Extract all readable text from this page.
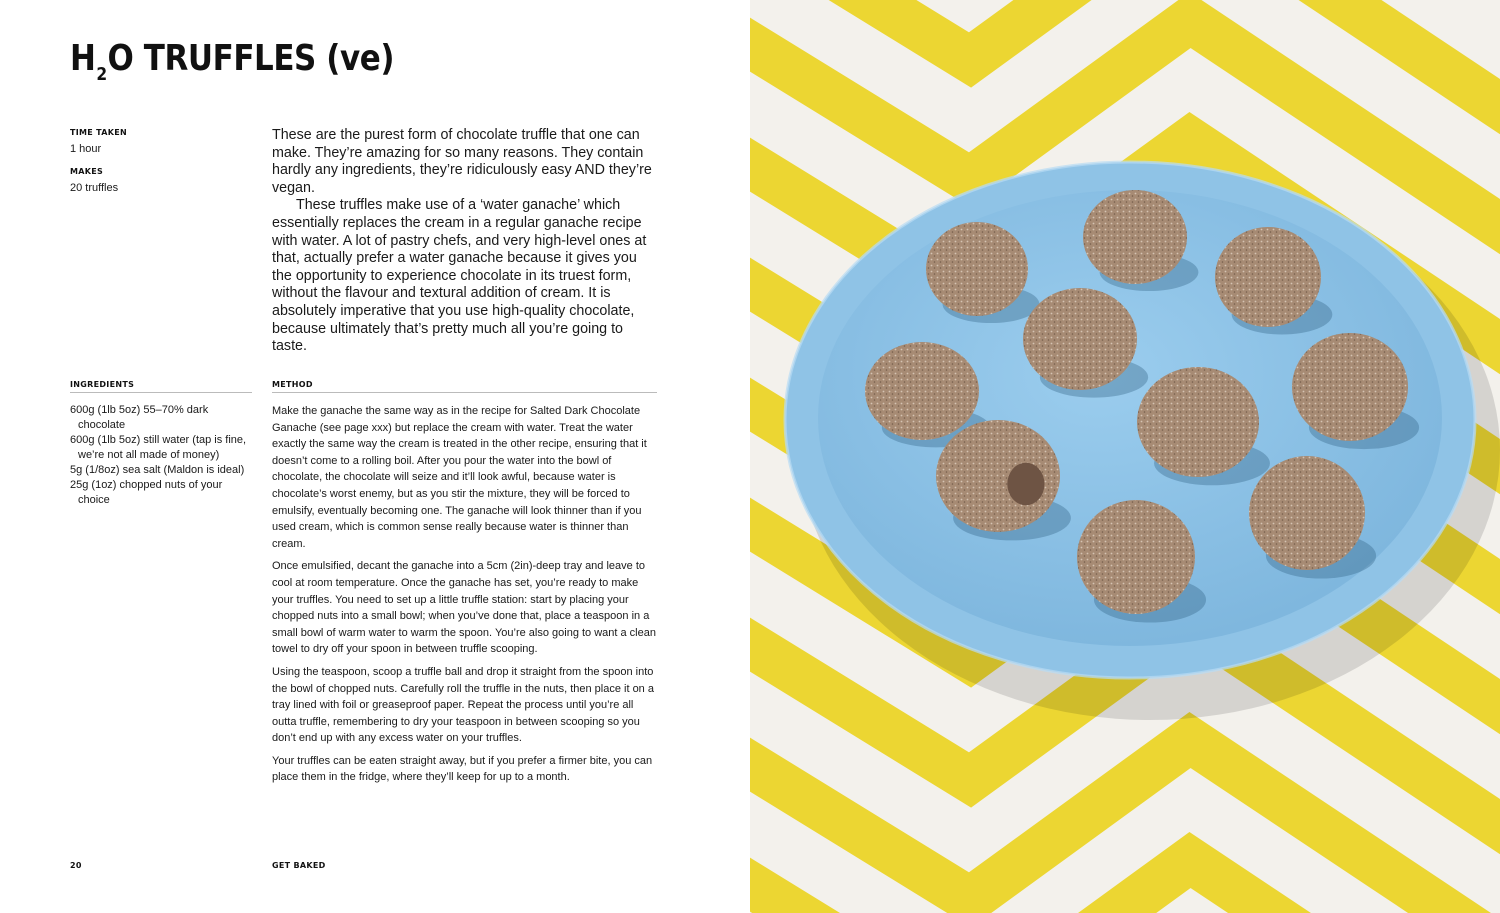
$H_2O$ TRUFFLES (ve)
TIME TAKEN
1 hour
MAKES
20 truffles

These are the purest form of chocolate truffle that one can make. They’re amazing for so many reasons. They contain hardly any ingredients, they’re ridiculously easy AND they’re vegan.

These truffles make use of a ‘water ganache’ which essentially replaces the cream in a regular ganache recipe with water. A lot of pastry chefs, and very high-level ones at that, actually prefer a water ganache because it gives you the opportunity to experience chocolate in its truest form, without the flavour and textural addition of cream. It is absolutely imperative that you use high-quality chocolate, because ultimately that’s pretty much all you’re going to taste.

INGREDIENTS
600g (1lb 5oz) 55–70% dark chocolate
600g (1lb 5oz) still water (tap is fine, we’re not all made of money)
5g (1/8oz) sea salt (Maldon is ideal)
25g (1oz) chopped nuts of your choice
METHOD

Make the ganache the same way as in the recipe for Salted Dark Chocolate Ganache (see page xxx) but replace the cream with water. Treat the water exactly the same way the cream is treated in the other recipe, ensuring that it doesn’t come to a rolling boil. After you pour the water into the bowl of chocolate, the chocolate will seize and it’ll look awful, because water is chocolate’s worst enemy, but as you stir the mixture, they will be forced to emulsify, eventually becoming one. The ganache will look thinner than if you used cream, which is common sense really because water is thinner than cream.

Once emulsified, decant the ganache into a 5cm (2in)-deep tray and leave to cool at room temperature. Once the ganache has set, you’re ready to make your truffles. You need to set up a little truffle station: start by placing your chopped nuts into a small bowl; when you’ve done that, place a teaspoon in a small bowl of warm water to warm the spoon. You’re also going to want a clean towel to dry off your spoon in between truffle scooping.

Using the teaspoon, scoop a truffle ball and drop it straight from the spoon into the bowl of chopped nuts. Carefully roll the truffle in the nuts, then place it on a tray lined with foil or greaseproof paper. Repeat the process until you’re all outta truffle, remembering to dry your teaspoon in between scooping so you don’t end up with any excess water on your truffles.

Your truffles can be eaten straight away, but if you prefer a firmer bite, you can place them in the fridge, where they’ll keep for up to a month.

20	GET BAKED
